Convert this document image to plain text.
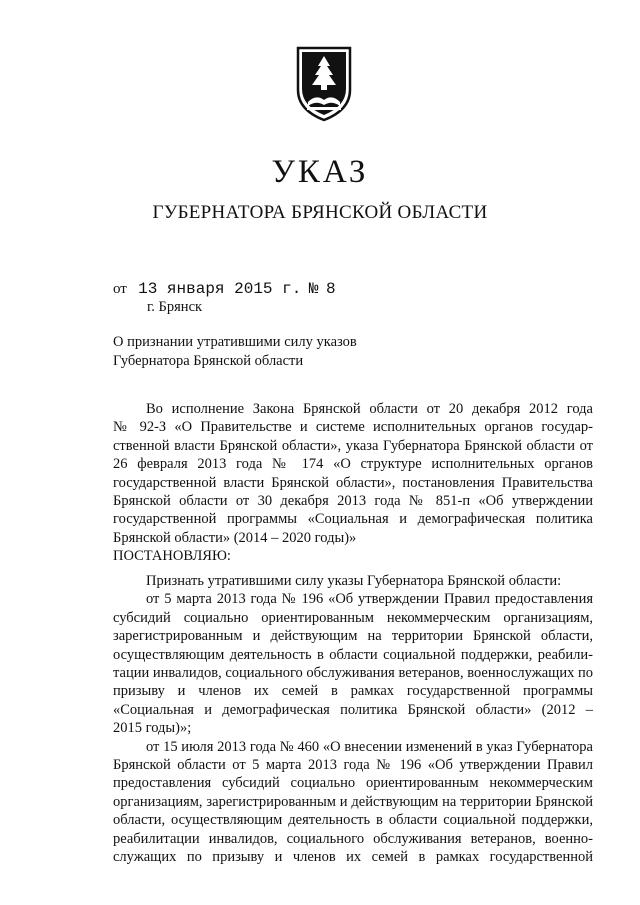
УКАЗ
ГУБЕРНАТОРА БРЯНСКОЙ ОБЛАСТИ
от 13 января 2015 г. № 8
г. Брянск
О признании утратившими силу указов
Губернатора Брянской области
Во исполнение Закона Брянской области от 20 декабря 2012 года
№ 92-З «О Правительстве и системе исполнительных органов государ-
ственной власти Брянской области», указа Губернатора Брянской области от
26 февраля 2013 года № 174 «О структуре исполнительных органов
государственной власти Брянской области», постановления Правительства
Брянской области от 30 декабря 2013 года № 851-п «Об утверждении
государственной программы «Социальная и демографическая политика
Брянской области» (2014 – 2020 годы)»
ПОСТАНОВЛЯЮ:
Признать утратившими силу указы Губернатора Брянской области:
от 5 марта 2013 года № 196 «Об утверждении Правил предоставления
субсидий социально ориентированным некоммерческим организациям,
зарегистрированным и действующим на территории Брянской области,
осуществляющим деятельность в области социальной поддержки, реабили-
тации инвалидов, социального обслуживания ветеранов, военнослужащих по
призыву и членов их семей в рамках государственной программы
«Социальная и демографическая политика Брянской области» (2012 –
2015 годы)»;
от 15 июля 2013 года № 460 «О внесении изменений в указ Губернатора
Брянской области от 5 марта 2013 года № 196 «Об утверждении Правил
предоставления субсидий социально ориентированным некоммерческим
организациям, зарегистрированным и действующим на территории Брянской
области, осуществляющим деятельность в области социальной поддержки,
реабилитации инвалидов, социального обслуживания ветеранов, военно-
служащих по призыву и членов их семей в рамках государственной
